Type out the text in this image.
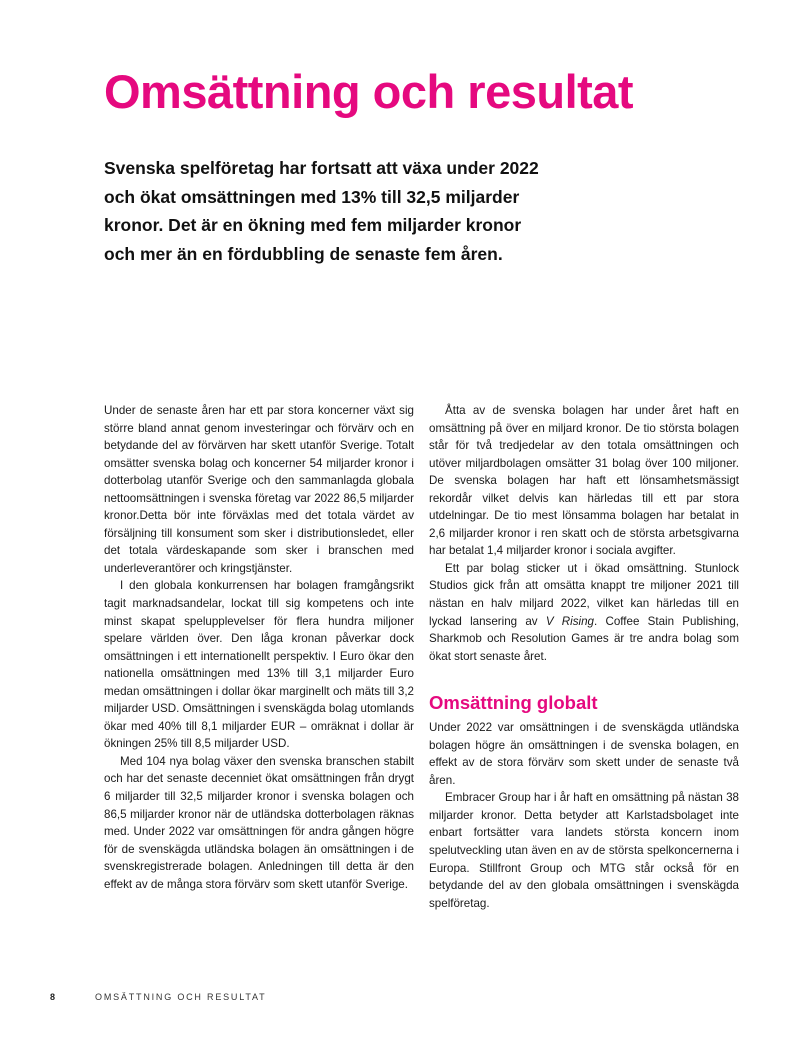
Omsättning och resultat
Svenska spelföretag har fortsatt att växa under 2022
och ökat omsättningen med 13% till 32,5 miljarder
kronor. Det är en ökning med fem miljarder kronor
och mer än en fördubbling de senaste fem åren.

Under de senaste åren har ett par stora koncerner växt sig större bland annat genom investeringar och förvärv och en betydande del av förvärven har skett utanför Sverige. Totalt omsätter svenska bolag och koncerner 54 miljarder kronor i dotterbolag utanför Sverige och den sammanlagda globala nettoomsättningen i svenska företag var 2022 86,5 miljarder kronor.Detta bör inte förväxlas med det totala värdet av försäljning till konsument som sker i distributionsledet, eller det totala värdeskapande som sker i branschen med underleverantörer och kringstjänster.

I den globala konkurrensen har bolagen framgångsrikt tagit marknadsandelar, lockat till sig kompetens och inte minst skapat spelupplevelser för flera hundra miljoner spelare världen över. Den låga kronan påverkar dock omsättningen i ett internationellt perspektiv. I Euro ökar den nationella omsättningen med 13% till 3,1 miljarder Euro medan omsättningen i dollar ökar marginellt och mäts till 3,2 miljarder USD. Omsättningen i svenskägda bolag utomlands ökar med 40% till 8,1 miljarder EUR – omräknat i dollar är ökningen 25% till 8,5 miljarder USD.

Med 104 nya bolag växer den svenska branschen stabilt och har det senaste decenniet ökat omsättningen från drygt 6 miljarder till 32,5 miljarder kronor i svenska bolagen och 86,5 miljarder kronor när de utländska dotterbolagen räknas med. Under 2022 var omsättningen för andra gången högre för de svenskägda utländska bolagen än omsättningen i de svenskregistrerade bolagen. Anledningen till detta är den effekt av de många stora förvärv som skett utanför Sverige.

Åtta av de svenska bolagen har under året haft en omsättning på över en miljard kronor. De tio största bolagen står för två tredjedelar av den totala omsättningen och utöver miljardbolagen omsätter 31 bolag över 100 miljoner. De svenska bolagen har haft ett lönsamhetsmässigt rekordår vilket delvis kan härledas till ett par stora utdelningar. De tio mest lönsamma bolagen har betalat in 2,6 miljarder kronor i ren skatt och de största arbetsgivarna har betalat 1,4 miljarder kronor i sociala avgifter.

Ett par bolag sticker ut i ökad omsättning. Stunlock Studios gick från att omsätta knappt tre miljoner 2021 till nästan en halv miljard 2022, vilket kan härledas till en lyckad lansering av V Rising. Coffee Stain Publishing, Sharkmob och Resolution Games är tre andra bolag som ökat stort senaste året.

Omsättning globalt

Under 2022 var omsättningen i de svenskägda utländska bolagen högre än omsättningen i de svenska bolagen, en effekt av de stora förvärv som skett under de senaste två åren.

Embracer Group har i år haft en omsättning på nästan 38 miljarder kronor. Detta betyder att Karlstadsbolaget inte enbart fortsätter vara landets största koncern inom spelutveckling utan även en av de största spelkoncernerna i Europa. Stillfront Group och MTG står också för en betydande del av den globala omsättningen i svenskägda spelföretag.

8	OMSÄTTNING OCH RESULTAT
